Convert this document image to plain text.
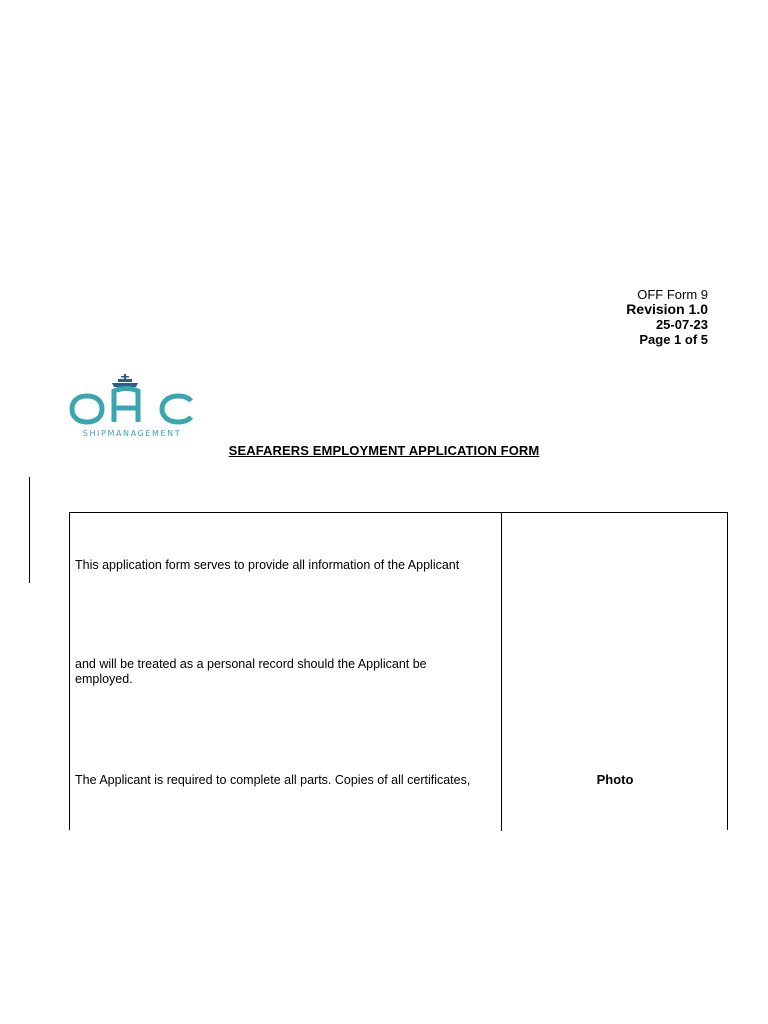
OFF Form 9
Revision 1.0
25-07-23
Page 1 of 5
SHIPMANAGEMENT
SEAFARERS EMPLOYMENT APPLICATION FORM
This application form serves to provide all information of the Applicant
and will be treated as a personal record should the Applicant be employed.
The Applicant is required to complete all parts. Copies of all certificates,	Photo
